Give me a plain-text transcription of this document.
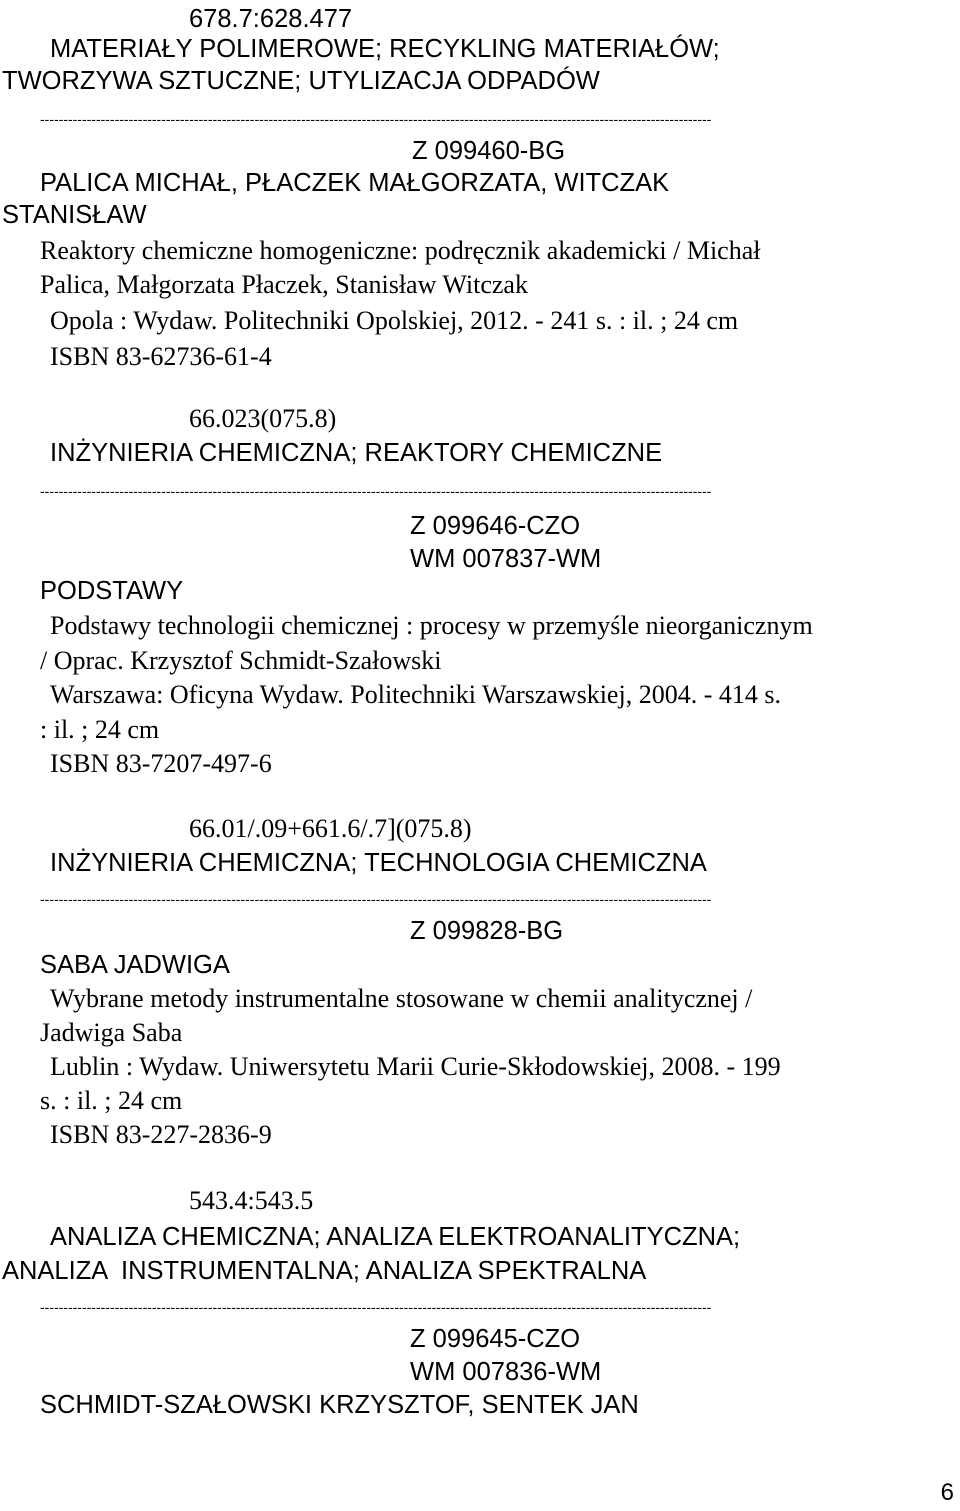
678.7:628.477
MATERIAŁY POLIMEROWE; RECYKLING MATERIAŁÓW;
TWORZYWA SZTUCZNE; UTYLIZACJA ODPADÓW
------------------------------------------------------------------------------------------------------------------------------------------------
Z 099460-BG
PALICA MICHAŁ, PŁACZEK MAŁGORZATA, WITCZAK
STANISŁAW
Reaktory chemiczne homogeniczne: podręcznik akademicki / Michał
Palica, Małgorzata Płaczek, Stanisław Witczak
Opola : Wydaw. Politechniki Opolskiej, 2012. - 241 s. : il. ; 24 cm
ISBN 83-62736-61-4
66.023(075.8)
INŻYNIERIA CHEMICZNA; REAKTORY CHEMICZNE
------------------------------------------------------------------------------------------------------------------------------------------------
Z 099646-CZO
WM 007837-WM
PODSTAWY
Podstawy technologii chemicznej : procesy w przemyśle nieorganicznym
/ Oprac. Krzysztof Schmidt-Szałowski
Warszawa: Oficyna Wydaw. Politechniki Warszawskiej, 2004. - 414 s.
: il. ; 24 cm
ISBN 83-7207-497-6
66.01/.09+661.6/.7](075.8)
INŻYNIERIA CHEMICZNA; TECHNOLOGIA CHEMICZNA
------------------------------------------------------------------------------------------------------------------------------------------------
Z 099828-BG
SABA JADWIGA
Wybrane metody instrumentalne stosowane w chemii analitycznej /
Jadwiga Saba
Lublin : Wydaw. Uniwersytetu Marii Curie-Skłodowskiej, 2008. - 199
s. : il. ; 24 cm
ISBN 83-227-2836-9
543.4:543.5
ANALIZA CHEMICZNA; ANALIZA ELEKTROANALITYCZNA;
ANALIZA  INSTRUMENTALNA; ANALIZA SPEKTRALNA
------------------------------------------------------------------------------------------------------------------------------------------------
Z 099645-CZO
WM 007836-WM
SCHMIDT-SZAŁOWSKI KRZYSZTOF, SENTEK JAN
6
